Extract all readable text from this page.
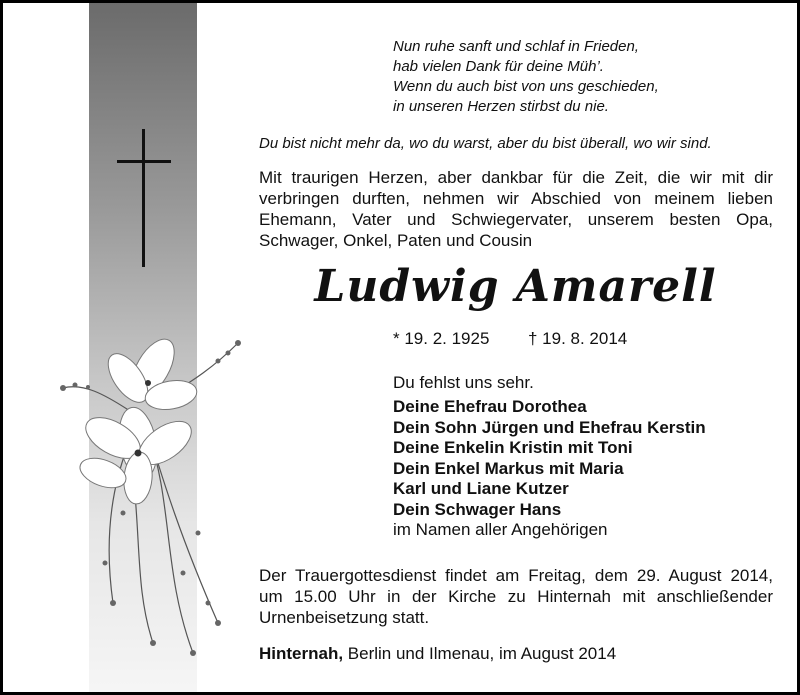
Nun ruhe sanft und schlaf in Frieden,
hab vielen Dank für deine Müh’.
Wenn du auch bist von uns geschieden,
in unseren Herzen stirbst du nie.
Du bist nicht mehr da, wo du warst, aber du bist überall, wo wir sind.
Mit traurigen Herzen, aber dankbar für die Zeit, die wir mit dir
verbringen durften, nehmen wir Abschied von meinem lieben
Ehemann, Vater und Schwiegervater, unserem besten Opa,
Schwager, Onkel, Paten und Cousin
Ludwig Amarell
* 19. 2. 1925 † 19. 8. 2014
Du fehlst uns sehr.
Deine Ehefrau Dorothea
Dein Sohn Jürgen und Ehefrau Kerstin
Deine Enkelin Kristin mit Toni
Dein Enkel Markus mit Maria
Karl und Liane Kutzer
Dein Schwager Hans
im Namen aller Angehörigen
Der Trauergottesdienst findet am Freitag, dem 29. August 2014,
um 15.00 Uhr in der Kirche zu Hinternah mit anschließender
Urnenbeisetzung statt.
Hinternah, Berlin und Ilmenau, im August 2014
